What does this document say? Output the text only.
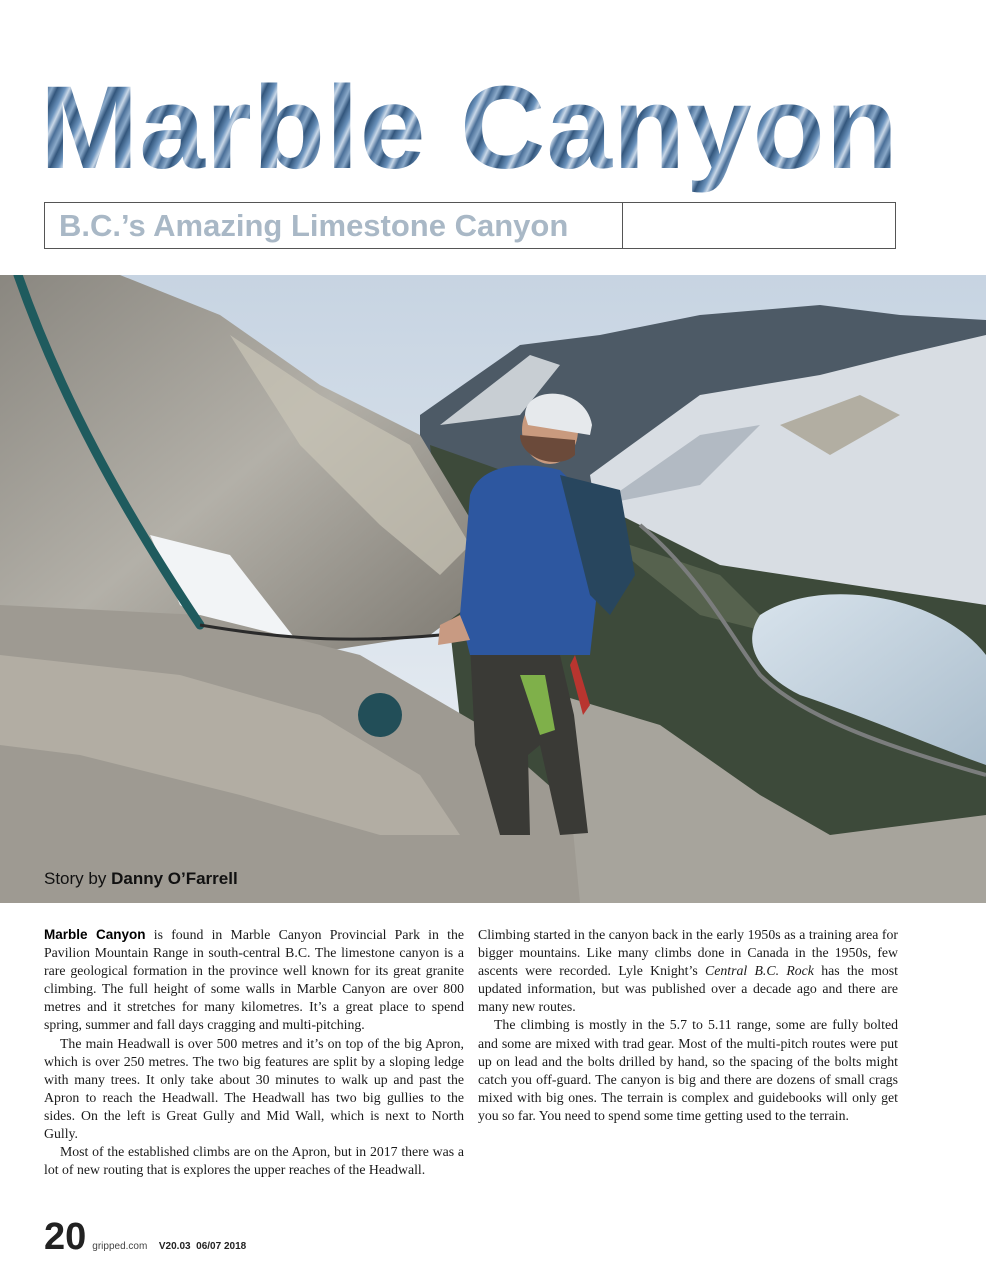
Marble Canyon
B.C.’s Amazing Limestone Canyon
Story by Danny O’Farrell

Marble Canyon is found in Marble Canyon Provincial Park in the Pavilion Mountain Range in south-central B.C. The limestone canyon is a rare geological formation in the province well known for its great granite climbing. The full height of some walls in Marble Canyon are over 800 metres and it stretches for many kilometres. It’s a great place to spend spring, summer and fall days cragging and multi-pitching.

The main Headwall is over 500 metres and it’s on top of the big Apron, which is over 250 metres. The two big features are split by a sloping ledge with many trees. It only take about 30 minutes to walk up and past the Apron to reach the Headwall. The Headwall has two big gullies to the sides. On the left is Great Gully and Mid Wall, which is next to North Gully.

Most of the established climbs are on the Apron, but in 2017 there was a lot of new routing that is explores the upper reaches of the Headwall.

Climbing started in the canyon back in the early 1950s as a training area for bigger mountains. Like many climbs done in Canada in the 1950s, few ascents were recorded. Lyle Knight’s Central B.C. Rock has the most updated information, but was published over a decade ago and there are many new routes.

The climbing is mostly in the 5.7 to 5.11 range, some are fully bolted and some are mixed with trad gear. Most of the multi-pitch routes were put up on lead and the bolts drilled by hand, so the spacing of the bolts might catch you off-guard. The canyon is big and there are dozens of small crags mixed with big ones. The terrain is complex and guidebooks will only get you so far. You need to spend some time getting used to the terrain.

20 gripped.com V20.03 06/07 2018
